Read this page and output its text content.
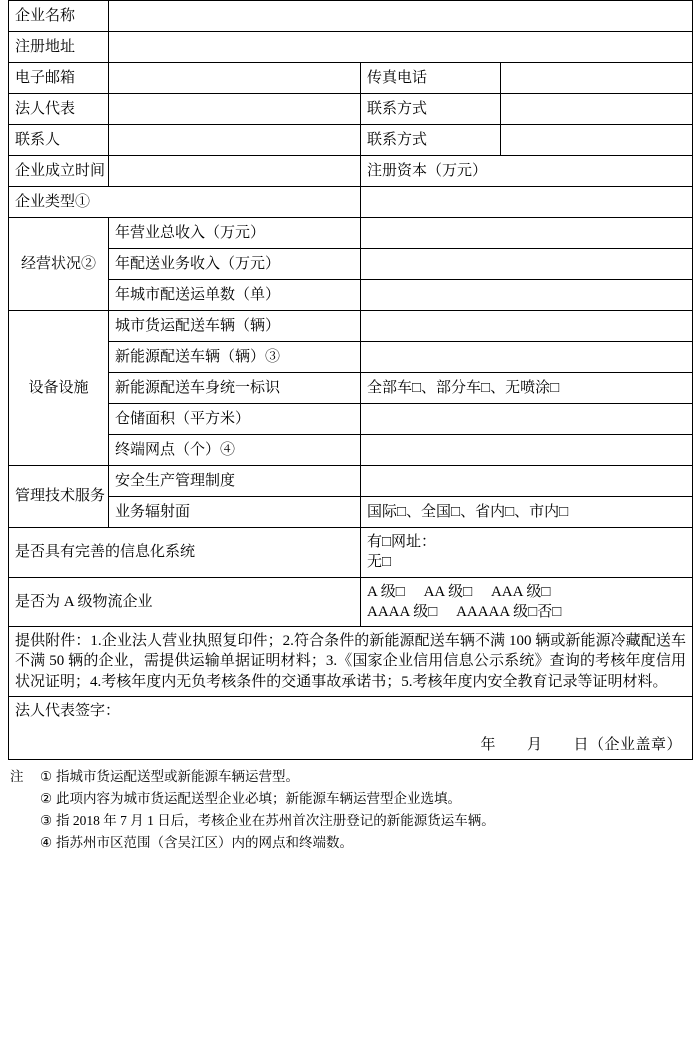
企业名称			
注册地址			
电子邮箱		传真电话	
法人代表		联系方式	
联系人		联系方式	
企业成立时间		注册资本（万元）	
企业类型①			
经营状况②	年营业总收入（万元）		
	年配送业务收入（万元）		
	年城市配送运单数（单）		
设备设施	城市货运配送车辆（辆）		
	新能源配送车辆（辆）③		
	新能源配送车身统一标识	全部车□、部分车□、无喷涂□	
	仓储面积（平方米）		
	终端网点（个）④		
管理技术服务	安全生产管理制度		
	业务辐射面	国际□、全国□、省内□、市内□	
是否具有完善的信息化系统		有□网址：
无□	

是否为 A 级物流企业		A 级□　 AA 级□　 AAA 级□
AAAA 级□　 AAAAA 级□否□	

提供附件：1.企业法人营业执照复印件；2.符合条件的新能源配送车辆不满 100 辆或新能源冷藏配送车不满 50 辆的企业，需提供运输单据证明材料；3.《国家企业信用信息公示系统》查询的考核年度信用状况证明；4.考核年度内无负考核条件的交通事故承诺书；5.考核年度内安全教育记录等证明材料。			

法人代表签字：
年　　月　　日（企业盖章）			
注	① 指城市货运配送型或新能源车辆运营型。
② 此项内容为城市货运配送型企业必填；新能源车辆运营型企业选填。
③ 指 2018 年 7 月 1 日后，考核企业在苏州首次注册登记的新能源货运车辆。
④ 指苏州市区范围（含吴江区）内的网点和终端数。
